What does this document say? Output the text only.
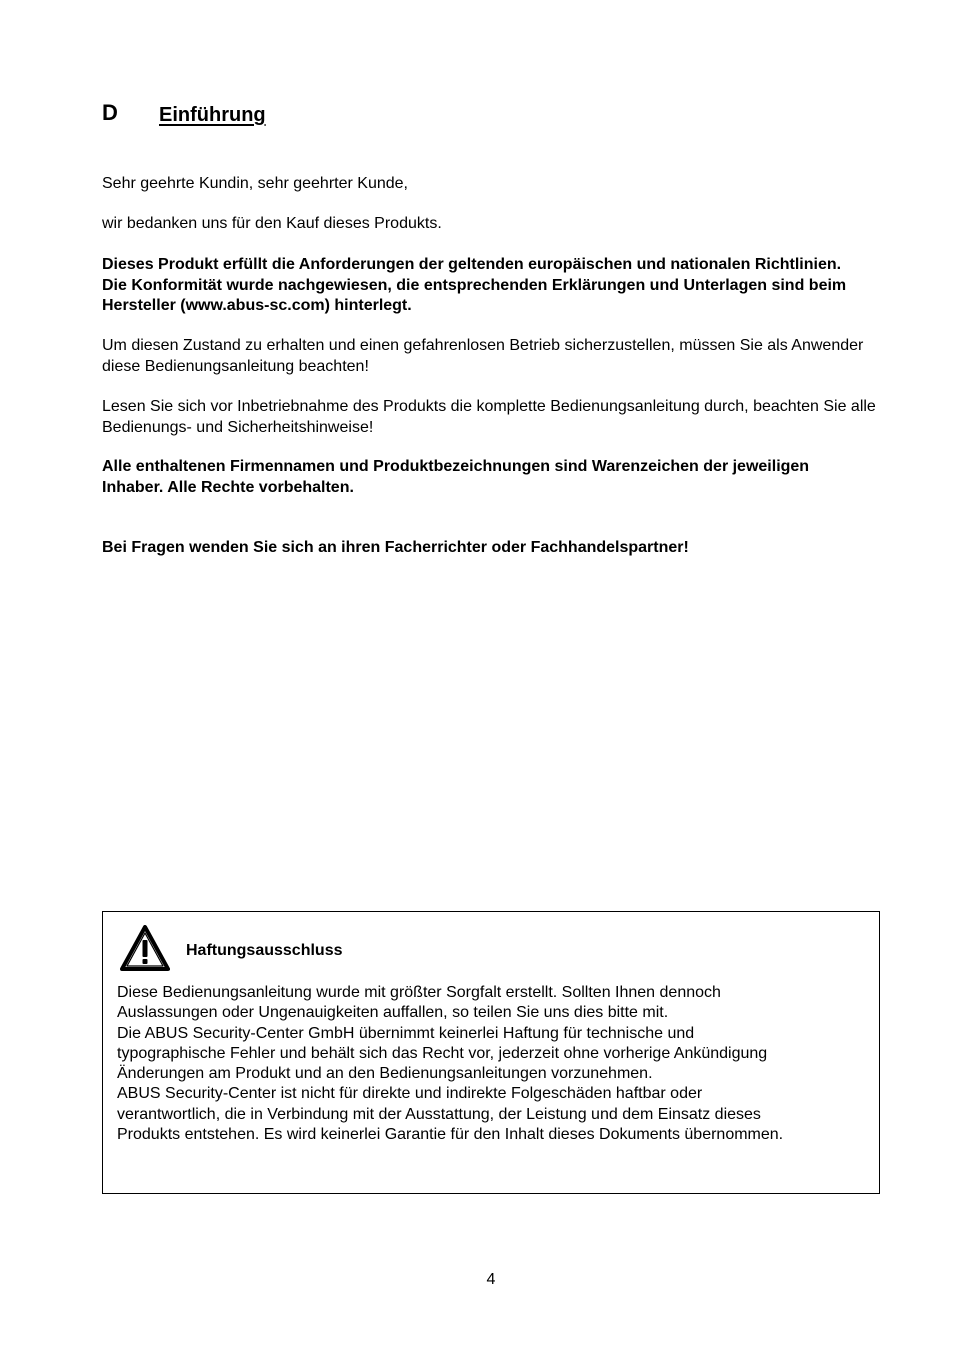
D Einführung

Sehr geehrte Kundin, sehr geehrter Kunde,

wir bedanken uns für den Kauf dieses Produkts.

Dieses Produkt erfüllt die Anforderungen der geltenden europäischen und nationalen Richtlinien. Die Konformität wurde nachgewiesen, die entsprechenden Erklärungen und Unterlagen sind beim Hersteller (www.abus-sc.com) hinterlegt.

Um diesen Zustand zu erhalten und einen gefahrenlosen Betrieb sicherzustellen, müssen Sie als Anwender diese Bedienungsanleitung beachten!

Lesen Sie sich vor Inbetriebnahme des Produkts die komplette Bedienungsanleitung durch, beachten Sie alle Bedienungs- und Sicherheitshinweise!

Alle enthaltenen Firmennamen und Produktbezeichnungen sind Warenzeichen der jeweiligen Inhaber. Alle Rechte vorbehalten.

Bei Fragen wenden Sie sich an ihren Facherrichter oder Fachhandelspartner!

Haftungsausschluss

Diese Bedienungsanleitung wurde mit größter Sorgfalt erstellt. Sollten Ihnen dennoch
Auslassungen oder Ungenauigkeiten auffallen, so teilen Sie uns dies bitte mit.
Die ABUS Security-Center GmbH übernimmt keinerlei Haftung für technische und
typographische Fehler und behält sich das Recht vor, jederzeit ohne vorherige Ankündigung
Änderungen am Produkt und an den Bedienungsanleitungen vorzunehmen.
ABUS Security-Center ist nicht für direkte und indirekte Folgeschäden haftbar oder
verantwortlich, die in Verbindung mit der Ausstattung, der Leistung und dem Einsatz dieses
Produkts entstehen. Es wird keinerlei Garantie für den Inhalt dieses Dokuments übernommen.

4
